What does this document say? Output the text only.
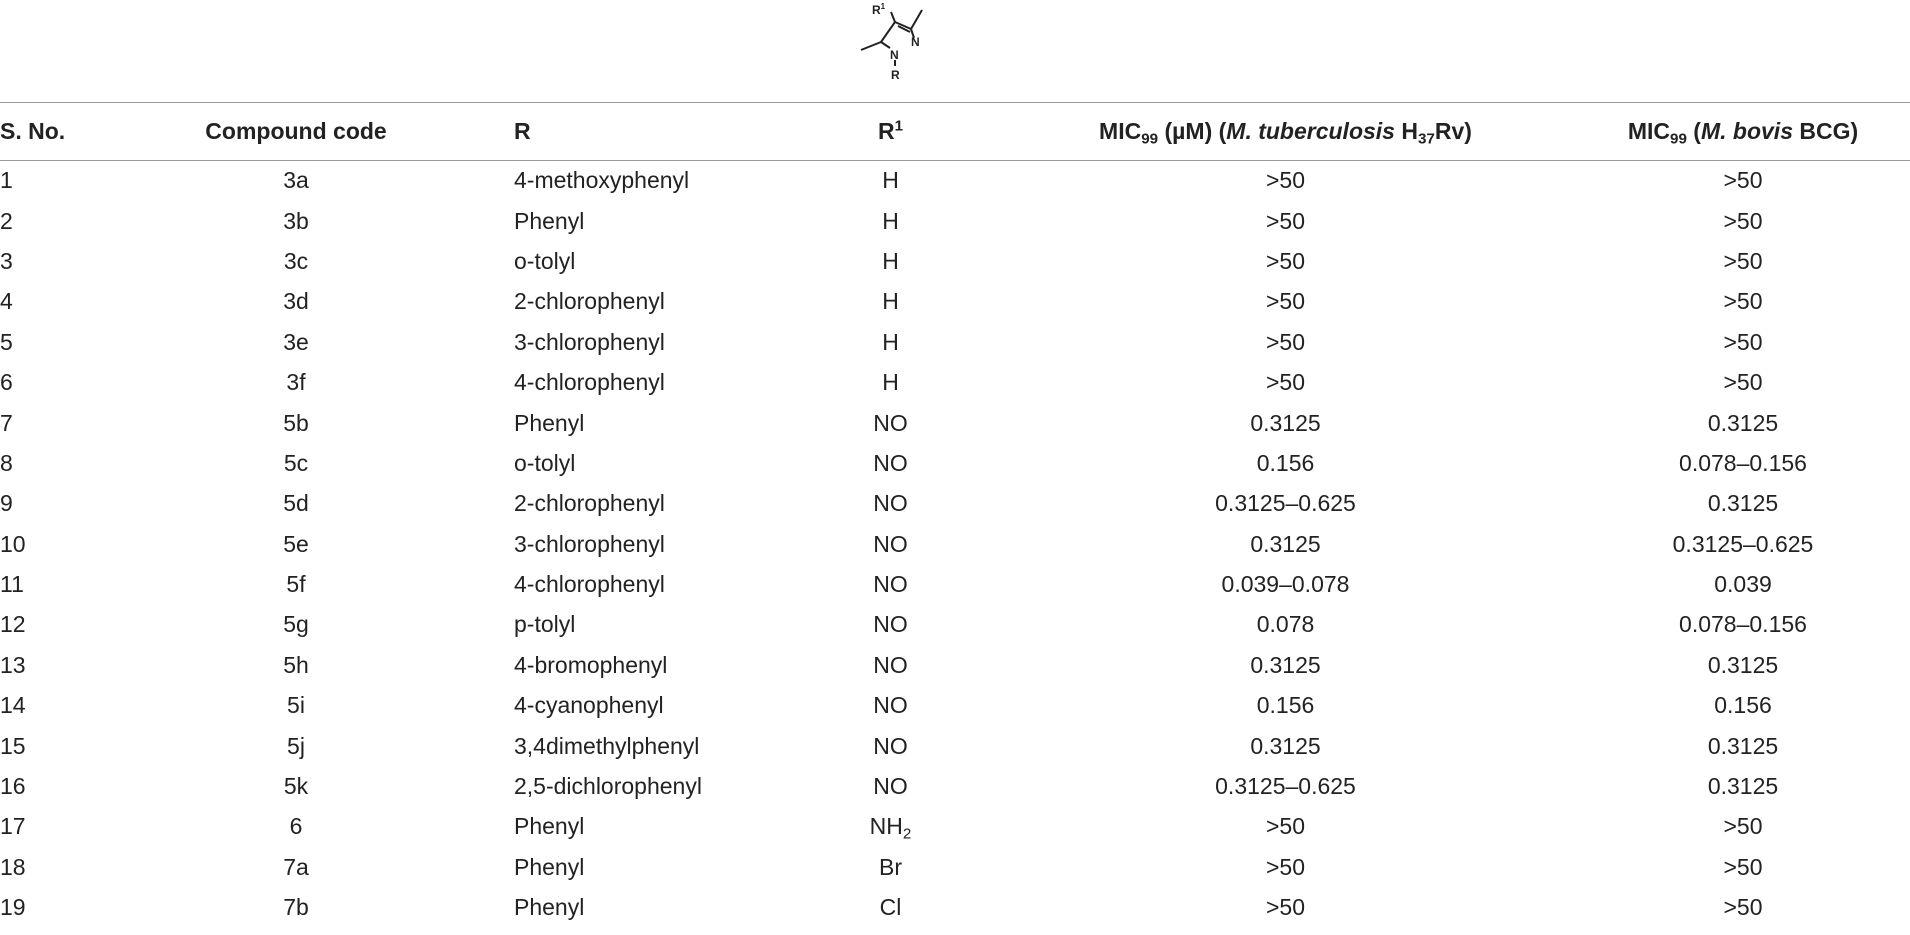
$R^1$
N
N
R
S. No.	Compound code	R	$R^1$	$MIC_{99}$ (µM) (M. tuberculosis $H_{37}Rv$)	$MIC_{99}$ (M. bovis BCG)
1	3a	4-methoxyphenyl	H	>50	>50
2	3b	Phenyl	H	>50	>50
3	3c	o-tolyl	H	>50	>50
4	3d	2-chlorophenyl	H	>50	>50
5	3e	3-chlorophenyl	H	>50	>50
6	3f	4-chlorophenyl	H	>50	>50
7	5b	Phenyl	NO	0.3125	0.3125
8	5c	o-tolyl	NO	0.156	0.078–0.156
9	5d	2-chlorophenyl	NO	0.3125–0.625	0.3125
10	5e	3-chlorophenyl	NO	0.3125	0.3125–0.625
11	5f	4-chlorophenyl	NO	0.039–0.078	0.039
12	5g	p-tolyl	NO	0.078	0.078–0.156
13	5h	4-bromophenyl	NO	0.3125	0.3125
14	5i	4-cyanophenyl	NO	0.156	0.156
15	5j	3,4dimethylphenyl	NO	0.3125	0.3125
16	5k	2,5-dichlorophenyl	NO	0.3125–0.625	0.3125
17	6	Phenyl	$NH_2$	>50	>50
18	7a	Phenyl	Br	>50	>50
19	7b	Phenyl	Cl	>50	>50
